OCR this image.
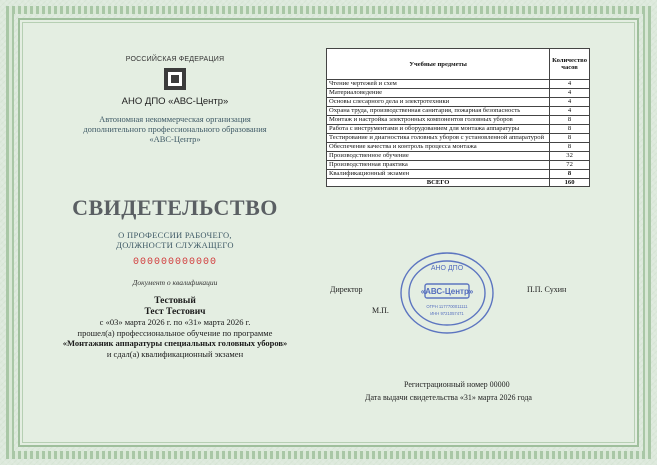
РОССИЙСКАЯ ФЕДЕРАЦИЯ
АНО ДПО «АВС-Центр»
Автономная некоммерческая организация
дополнительного профессионального образования
«АВС-Центр»
СВИДЕТЕЛЬСТВО
О ПРОФЕССИИ РАБОЧЕГО,
ДОЛЖНОСТИ СЛУЖАЩЕГО
000000000000
Документ о квалификации
Тестовый
Тест Тестович
с «03» марта 2026 г. по «31» марта 2026 г.
прошел(а) профессиональное обучение по программе
«Монтажник аппаратуры специальных головных уборов»
и сдал(а) квалификационный экзамен
Учебные предметы	Количество часов
Чтение чертежей и схем	4
Материаловедение	4
Основы слесарного дела и электротехники	4
Охрана труда, производственная санитария, пожарная безопасность	4
Монтаж и настройка электронных компонентов головных уборов	8
Работа с инструментами и оборудованием для монтажа аппаратуры	8
Тестирование и диагностика головных уборов с установленной аппаратурой	8
Обеспечение качества и контроль процесса монтажа	8
Производственное обучение	32
Производственная практика	72
Квалификационный экзамен	8
ВСЕГО	160
АНО ДПО
«АВС-Центр»
ОГРН 1177700011111
ИНН 9721057471
Директор	П.П. Сухин
М.П.
Регистрационный номер 00000
Дата выдачи свидетельства «31» марта 2026 года
